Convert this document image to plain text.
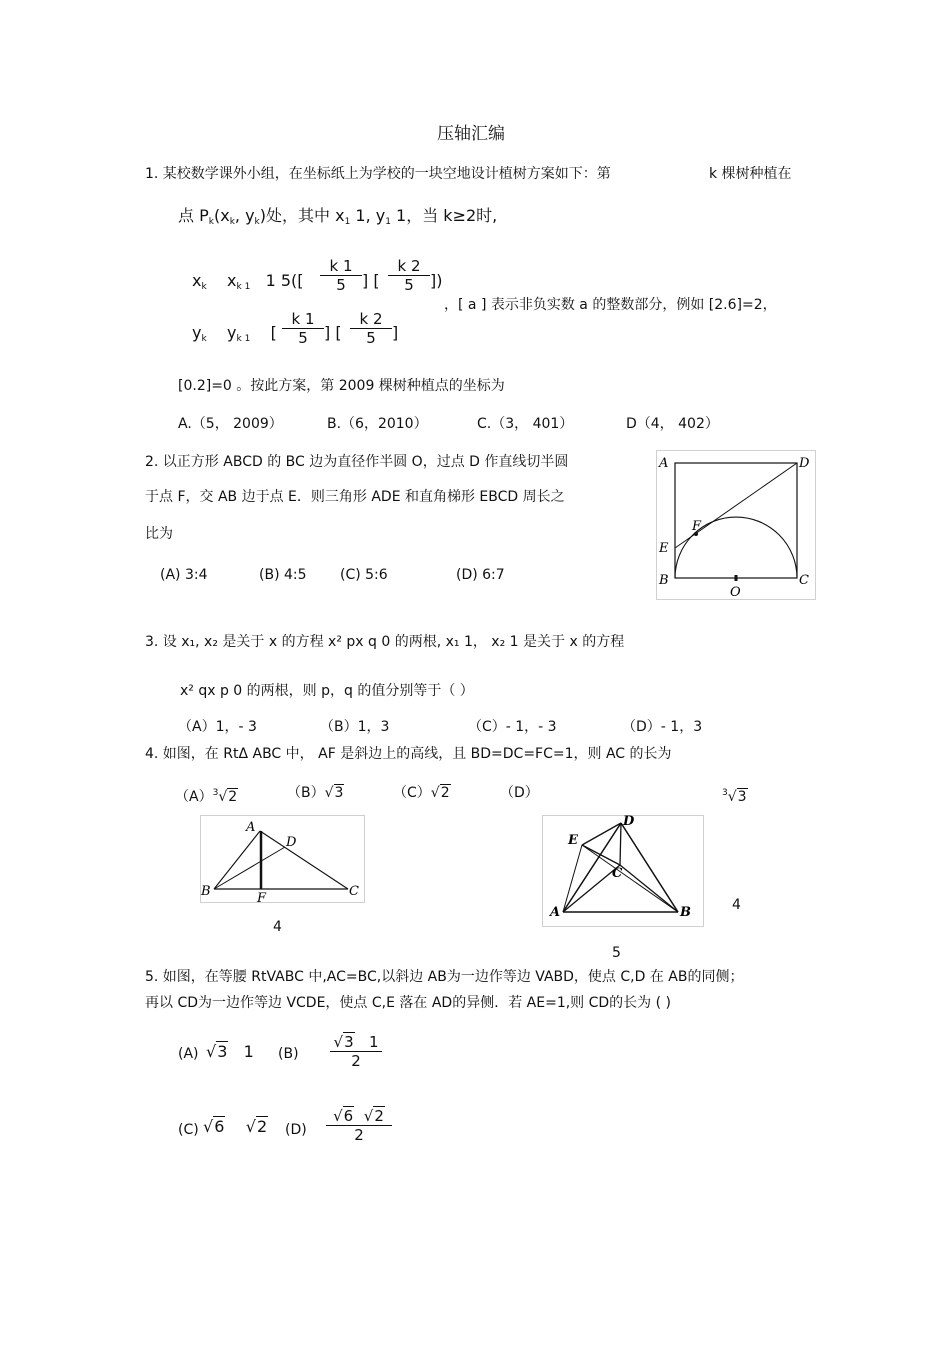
压轴汇编
1. 某校数学课外小组，在坐标纸上为学校的一块空地设计植树方案如下：第	k 棵树种植在
点 $P_k(x_k$, $y_k$)处，其中 $x_1$ 1, $y_1$ 1，当 k≥2时,
$x_k$ $x_{k 1}$ 1 $5([ \frac{k 1}{5}$ ] [ $\frac{k 2}{5}$ ])
，[ a ] 表示非负实数 a 的整数部分，例如 [2.6]=2，
$y_k$ $y_{k 1}$ [ $\frac{k 1}{5}$ ] [ $\frac{k 2}{5}$ ]
[0.2]=0 。按此方案，第 2009 棵树种植点的坐标为
A.（5， 2009）	B.（6，2010）	C.（3， 401）	D（4， 402）
2. 以正方形 ABCD 的 BC 边为直径作半圆 O，过点 D 作直线切半圆
于点 F，交 AB 边于点 E．则三角形 ADE 和直角梯形 EBCD 周长之
比为
(A) 3:4	(B) 4:5 (C) 5:6	(D) 6:7
A	D
F
E
B
O
C
3. 设 x₁, x₂ 是关于 x 的方程 x² px q 0 的两根, x₁ 1， x₂ 1 是关于 x 的方程
x² qx p 0 的两根，则 p，q 的值分别等于（ ）
（A）1，- 3	（B）1，3	（C）- 1，- 3	（D）- 1，3
4. 如图，在 RtΔ ABC 中， AF 是斜边上的高线，且 BD=DC=FC=1，则 AC 的长为
$(A)^3√2$	（B）√3	（C）√2	（D）	$^3$√3
A
D
B	F	C
4
D
E
C
A	B	4
5
5. 如图，在等腰 RtVABC 中,AC=BC,以斜边 AB为一边作等边 VABD，使点 C,D 在 AB的同侧；
再以 CD为一边作等边 VCDE，使点 C,E 落在 AD的异侧．若 AE=1,则 CD的长为 ( )
(A) √3 1 $(B) \frac{√3 1}{2}$
(C) √6    √2 $(D) \frac{√6 √2}{2}$
